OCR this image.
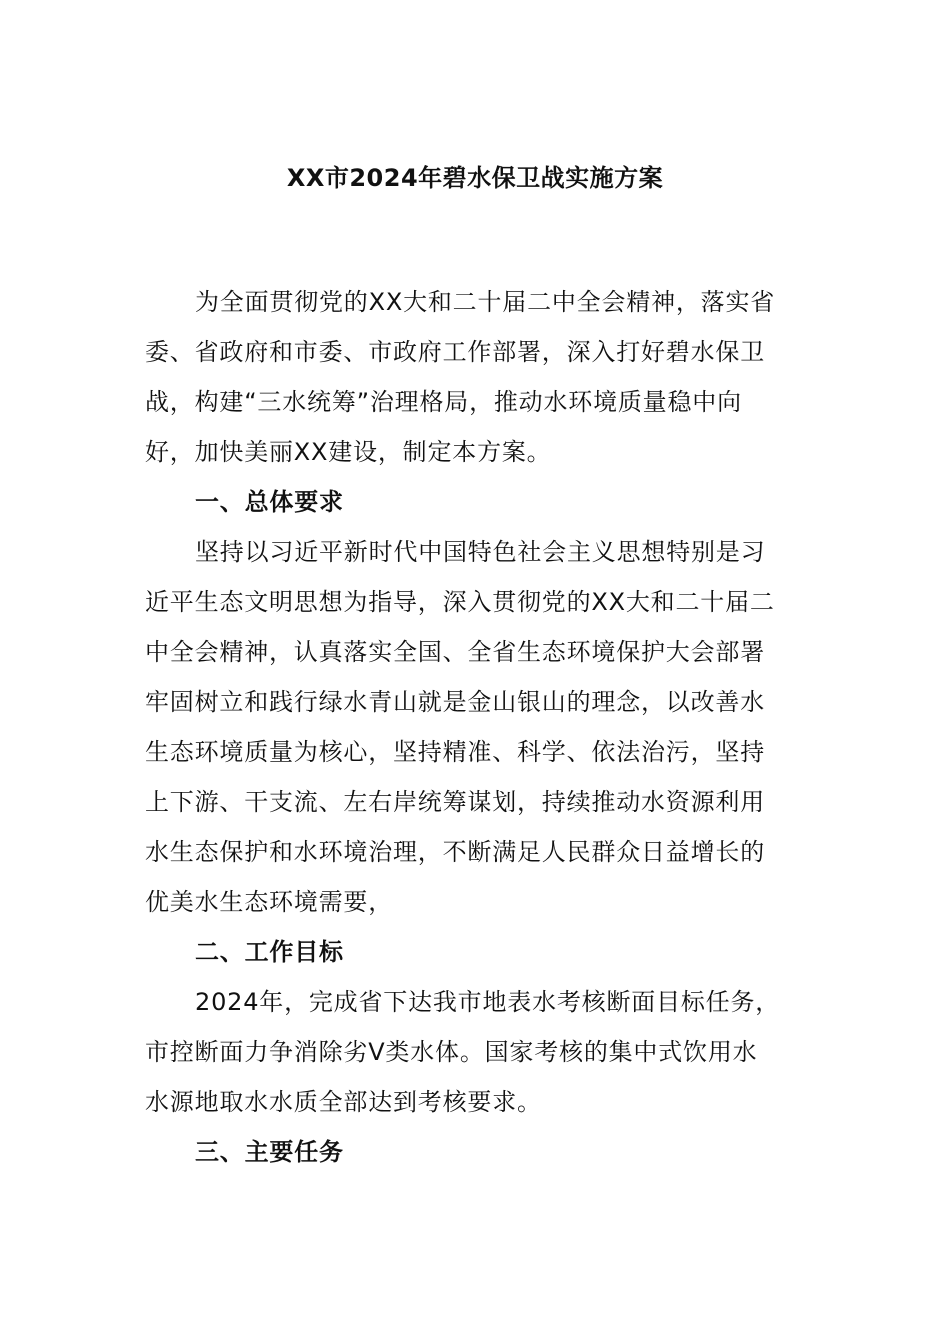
XX市2024年碧水保卫战实施方案
为全面贯彻党的XX大和二十届二中全会精神，落实省
委、省政府和市委、市政府工作部署，深入打好碧水保卫
战，构建“三水统筹”治理格局，推动水环境质量稳中向
好，加快美丽XX建设，制定本方案。
一、总体要求
坚持以习近平新时代中国特色社会主义思想特别是习
近平生态文明思想为指导，深入贯彻党的XX大和二十届二
中全会精神，认真落实全国、全省生态环境保护大会部署
牢固树立和践行绿水青山就是金山银山的理念，以改善水
生态环境质量为核心，坚持精准、科学、依法治污，坚持
上下游、干支流、左右岸统筹谋划，持续推动水资源利用
水生态保护和水环境治理，不断满足人民群众日益增长的
优美水生态环境需要，
二、工作目标
2024年，完成省下达我市地表水考核断面目标任务，
市控断面力争消除劣Ⅴ类水体。国家考核的集中式饮用水
水源地取水水质全部达到考核要求。
三、主要任务
